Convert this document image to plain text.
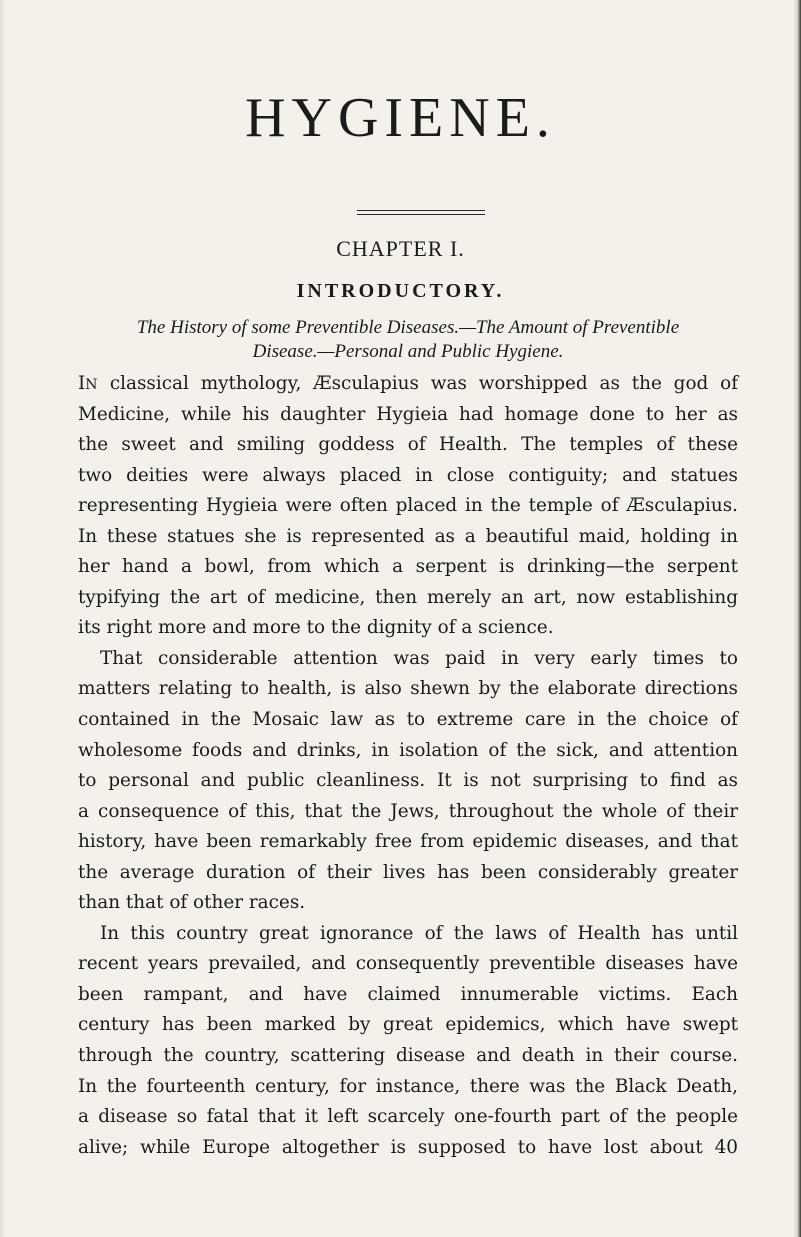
HYGIENE.
CHAPTER I.
INTRODUCTORY.
The History of some Preventible Diseases.—The Amount of Preventible
Disease.—Personal and Public Hygiene.
IN classical mythology, Æsculapius was worshipped as the god of
Medicine, while his daughter Hygieia had homage done to her as
the sweet and smiling goddess of Health. The temples of these
two deities were always placed in close contiguity; and statues
representing Hygieia were often placed in the temple of Æsculapius.
In these statues she is represented as a beautiful maid, holding in
her hand a bowl, from which a serpent is drinking—the serpent
typifying the art of medicine, then merely an art, now establishing
its right more and more to the dignity of a science.
That considerable attention was paid in very early times to
matters relating to health, is also shewn by the elaborate directions
contained in the Mosaic law as to extreme care in the choice of
wholesome foods and drinks, in isolation of the sick, and attention
to personal and public cleanliness. It is not surprising to find as
a consequence of this, that the Jews, throughout the whole of their
history, have been remarkably free from epidemic diseases, and that
the average duration of their lives has been considerably greater
than that of other races.
In this country great ignorance of the laws of Health has until
recent years prevailed, and consequently preventible diseases have
been rampant, and have claimed innumerable victims. Each
century has been marked by great epidemics, which have swept
through the country, scattering disease and death in their course.
In the fourteenth century, for instance, there was the Black Death,
a disease so fatal that it left scarcely one-fourth part of the people
alive; while Europe altogether is supposed to have lost about 40
